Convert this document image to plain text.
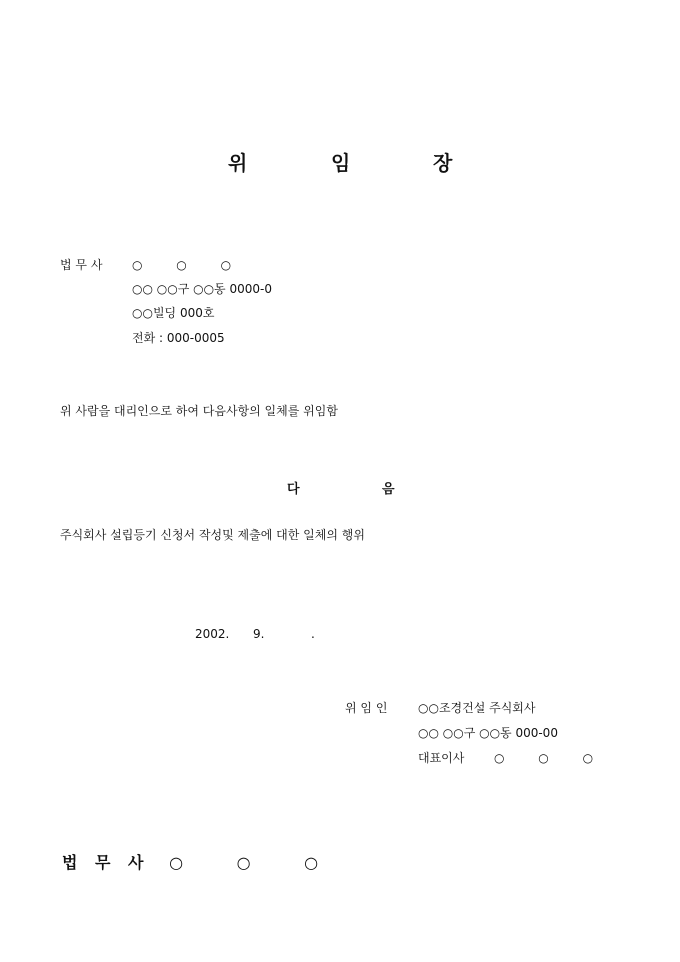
위	임	장
법 무 사 ○ ○ ○
○○ ○○구 ○○동 0000-0
○○빌딩 000호
전화 : 000-0005
위 사람을 대리인으로 하여 다음사항의 일체를 위임함
다	음
주식회사 설립등기 신청서 작성및 제출에 대한 일체의 행위
2002. 9.	.
위 임 인	○○조경건설 주식회사
○○ ○○구 ○○동 000-00
대표이사 ○ ○ ○
법 무 사 ○ ○ ○
